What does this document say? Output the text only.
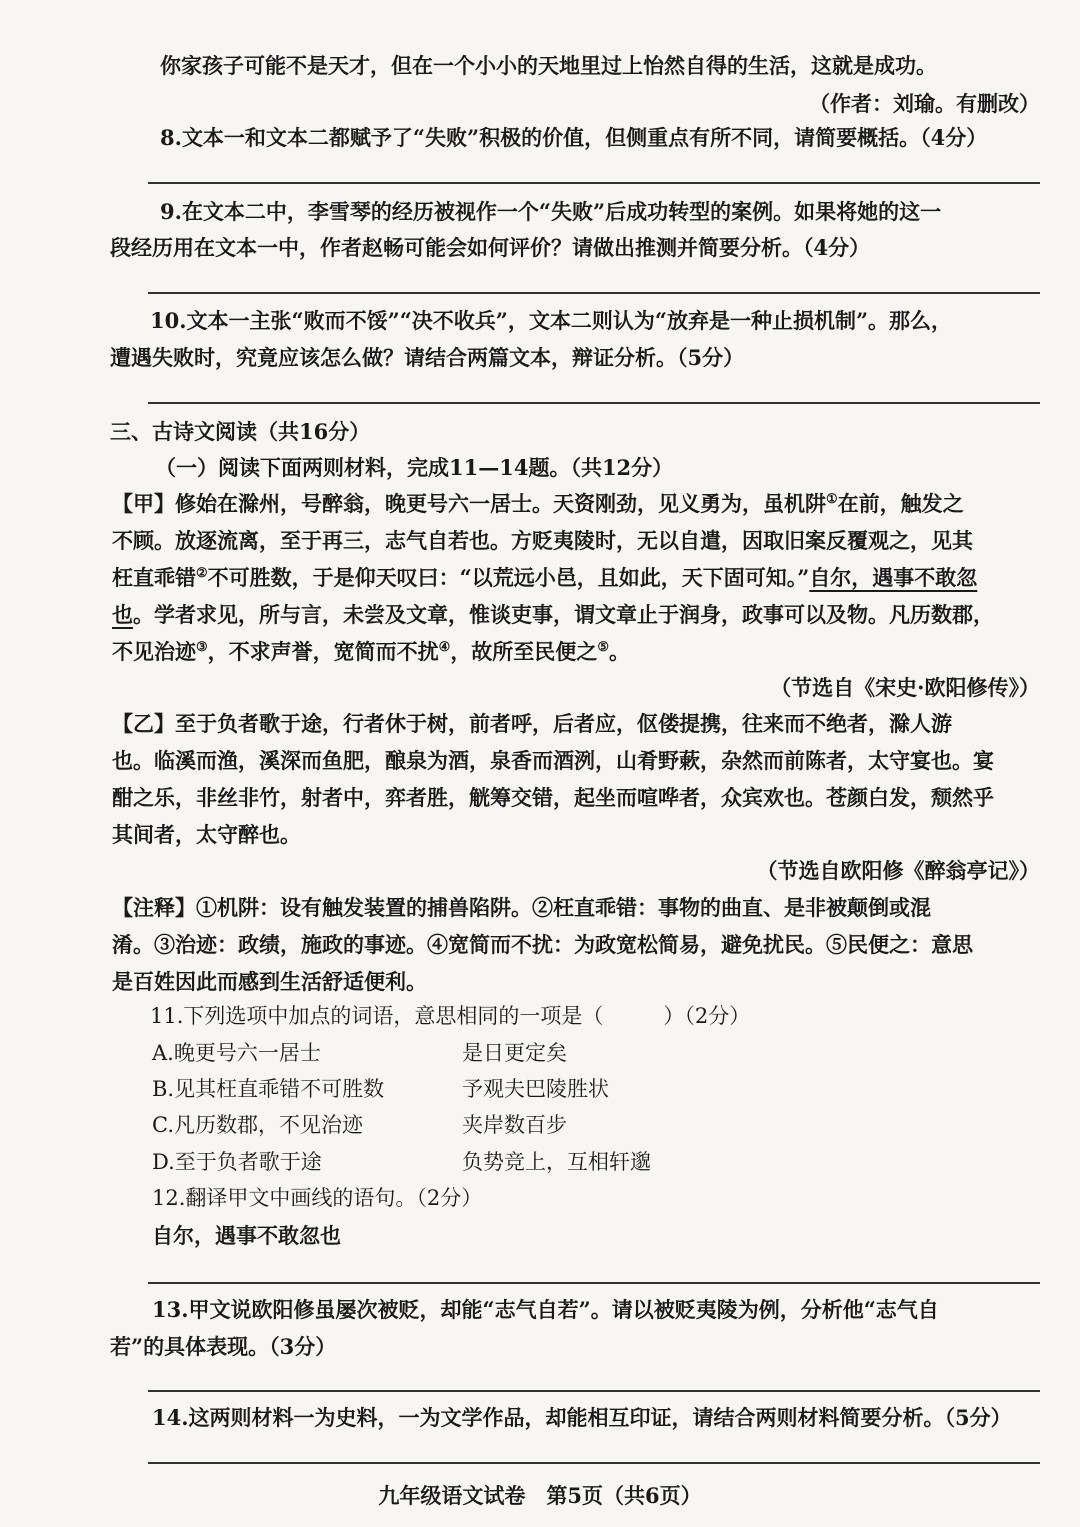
你家孩子可能不是天才，但在一个小小的天地里过上怡然自得的生活，这就是成功。
（作者：刘瑜。有删改）
8.文本一和文本二都赋予了“失败”积极的价值，但侧重点有所不同，请简要概括。（4分）
9.在文本二中，李雪琴的经历被视作一个“失败”后成功转型的案例。如果将她的这一
段经历用在文本一中，作者赵畅可能会如何评价？请做出推测并简要分析。（4分）
10.文本一主张“败而不馁”“决不收兵”，文本二则认为“放弃是一种止损机制”。那么，
遭遇失败时，究竟应该怎么做？请结合两篇文本，辩证分析。（5分）
三、古诗文阅读（共16分）
（一）阅读下面两则材料，完成11—14题。（共12分）
【甲】修始在滁州，号醉翁，晚更号六一居士。天资刚劲，见义勇为，虽机阱①在前，触发之
不顾。放逐流离，至于再三，志气自若也。方贬夷陵时，无以自遣，因取旧案反覆观之，见其
枉直乖错②不可胜数，于是仰天叹曰：“以荒远小邑，且如此，天下固可知。”自尔，遇事不敢忽
也。学者求见，所与言，未尝及文章，惟谈吏事，谓文章止于润身，政事可以及物。凡历数郡，
不见治迹③，不求声誉，宽简而不扰④，故所至民便之⑤。
（节选自《宋史·欧阳修传》）
【乙】至于负者歌于途，行者休于树，前者呼，后者应，伛偻提携，往来而不绝者，滁人游
也。临溪而渔，溪深而鱼肥，酿泉为酒，泉香而酒洌，山肴野蔌，杂然而前陈者，太守宴也。宴
酣之乐，非丝非竹，射者中，弈者胜，觥筹交错，起坐而喧哗者，众宾欢也。苍颜白发，颓然乎
其间者，太守醉也。
（节选自欧阳修《醉翁亭记》）
【注释】①机阱：设有触发装置的捕兽陷阱。②枉直乖错：事物的曲直、是非被颠倒或混
淆。③治迹：政绩，施政的事迹。④宽简而不扰：为政宽松简易，避免扰民。⑤民便之：意思
是百姓因此而感到生活舒适便利。
11.下列选项中加点的词语，意思相同的一项是（	）（2分）
A.晚更号六一居士	是日更定矣
B.见其枉直乖错不可胜数	予观夫巴陵胜状
C.凡历数郡，不见治迹	夹岸数百步
D.至于负者歌于途	负势竞上，互相轩邈
12.翻译甲文中画线的语句。（2分）
自尔，遇事不敢忽也
13.甲文说欧阳修虽屡次被贬，却能“志气自若”。请以被贬夷陵为例，分析他“志气自
若”的具体表现。（3分）
14.这两则材料一为史料，一为文学作品，却能相互印证，请结合两则材料简要分析。（5分）
九年级语文试卷　第5页（共6页）
